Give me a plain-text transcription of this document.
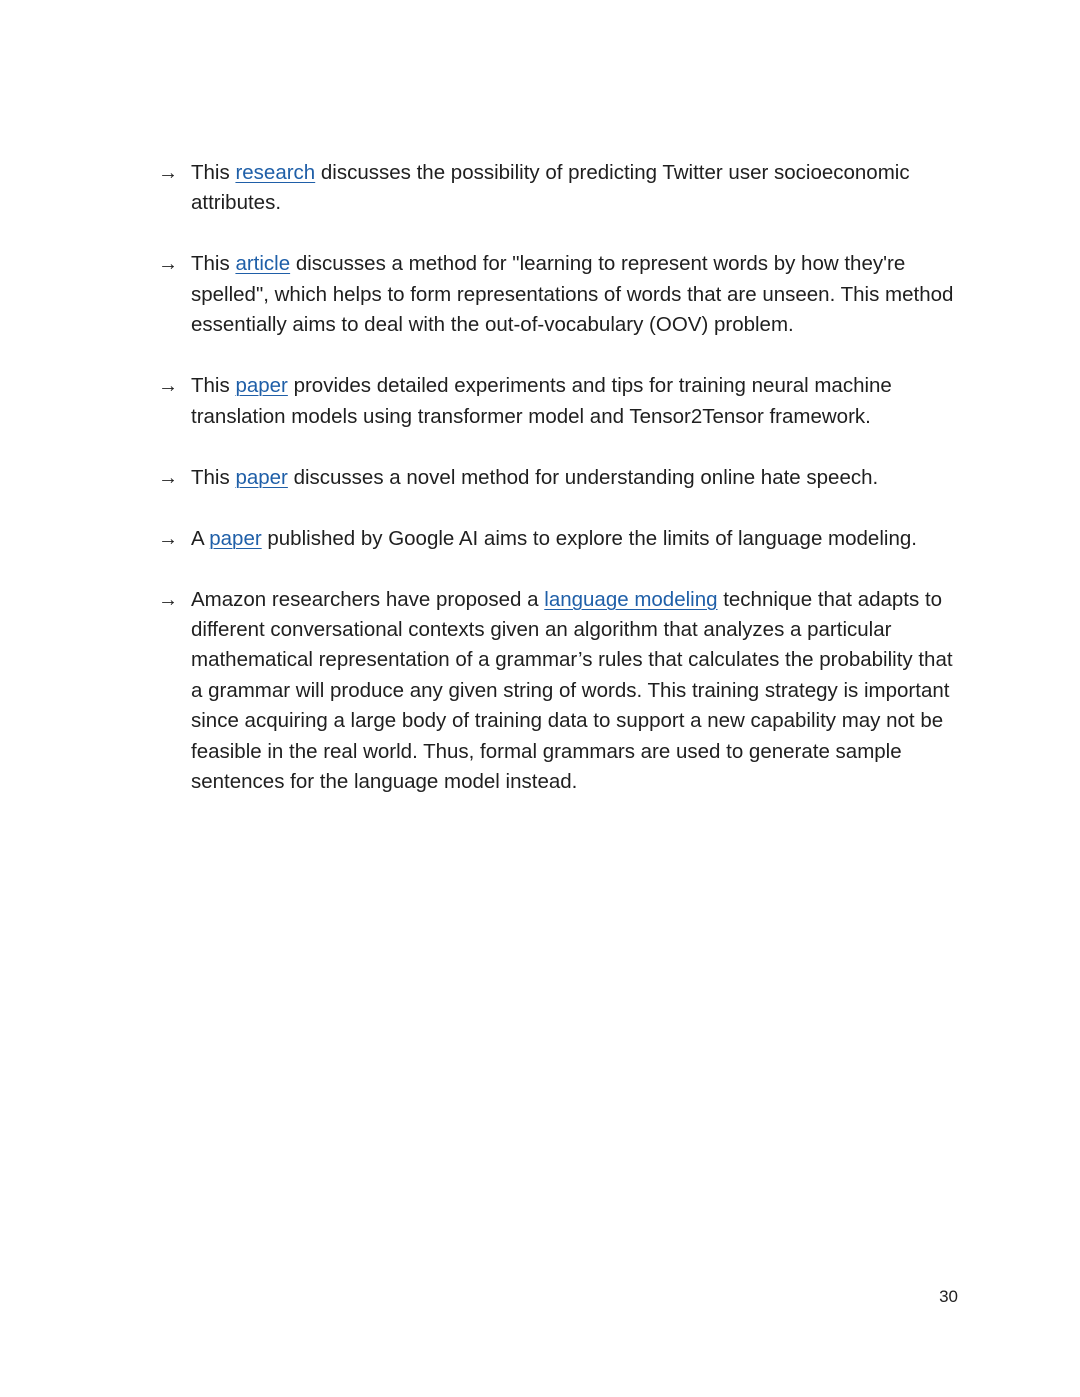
→ This research discusses the possibility of predicting Twitter user socioeconomic attributes.
→ This article discusses a method for "learning to represent words by how they're spelled", which helps to form representations of words that are unseen. This method essentially aims to deal with the out-of-vocabulary (OOV) problem.
→ This paper provides detailed experiments and tips for training neural machine translation models using transformer model and Tensor2Tensor framework.
→ This paper discusses a novel method for understanding online hate speech.
→ A paper published by Google AI aims to explore the limits of language modeling.
→ Amazon researchers have proposed a language modeling technique that adapts to different conversational contexts given an algorithm that analyzes a particular mathematical representation of a grammar’s rules that calculates the probability that a grammar will produce any given string of words. This training strategy is important since acquiring a large body of training data to support a new capability may not be feasible in the real world. Thus, formal grammars are used to generate sample sentences for the language model instead.
30
